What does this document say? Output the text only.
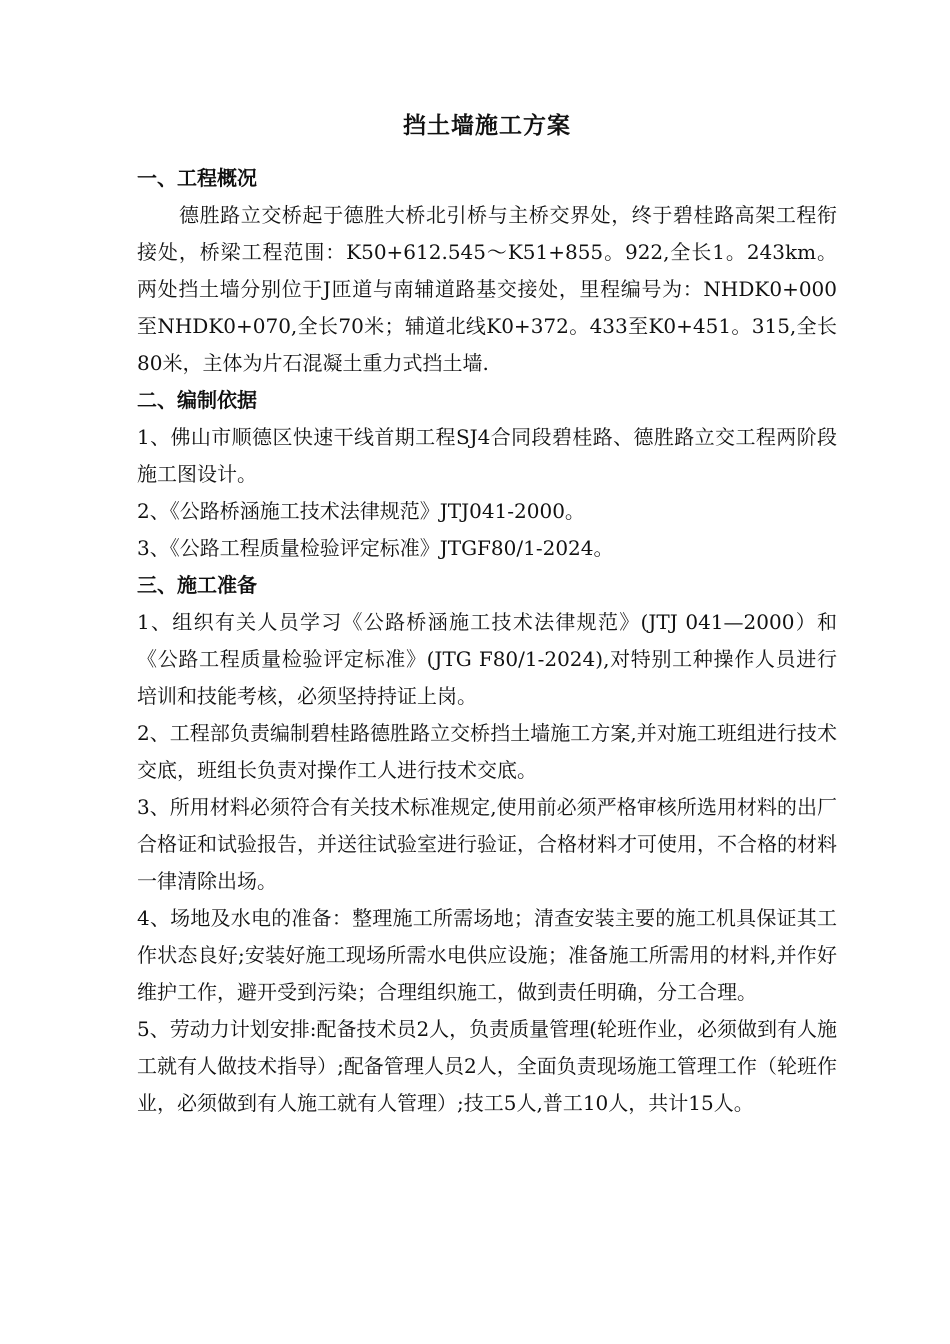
挡土墙施工方案
一、工程概况

德胜路立交桥起于德胜大桥北引桥与主桥交界处，终于碧桂路高架工程衔接处，桥梁工程范围：K50+612.545～K51+855。922,全长1。243km。两处挡土墙分别位于J匝道与南辅道路基交接处，里程编号为：NHDK0+000至NHDK0+070,全长70米；辅道北线K0+372。433至K0+451。315,全长80米，主体为片石混凝土重力式挡土墙.

二、编制依据

1、佛山市顺德区快速干线首期工程SJ4合同段碧桂路、德胜路立交工程两阶段施工图设计。

2、《公路桥涵施工技术法律规范》JTJ041-2000。

3、《公路工程质量检验评定标准》JTGF80/1-2024。

三、施工准备

1、组织有关人员学习《公路桥涵施工技术法律规范》(JTJ 041—2000）和《公路工程质量检验评定标准》(JTG F80/1-2024),对特别工种操作人员进行培训和技能考核，必须坚持持证上岗。

2、工程部负责编制碧桂路德胜路立交桥挡土墙施工方案,并对施工班组进行技术交底，班组长负责对操作工人进行技术交底。

3、所用材料必须符合有关技术标准规定,使用前必须严格审核所选用材料的出厂合格证和试验报告，并送往试验室进行验证，合格材料才可使用，不合格的材料一律清除出场。

4、场地及水电的准备：整理施工所需场地；清查安装主要的施工机具保证其工作状态良好;安装好施工现场所需水电供应设施；准备施工所需用的材料,并作好维护工作，避开受到污染；合理组织施工，做到责任明确，分工合理。

5、劳动力计划安排:配备技术员2人，负责质量管理(轮班作业，必须做到有人施工就有人做技术指导）;配备管理人员2人，全面负责现场施工管理工作（轮班作业，必须做到有人施工就有人管理）;技工5人,普工10人，共计15人。
